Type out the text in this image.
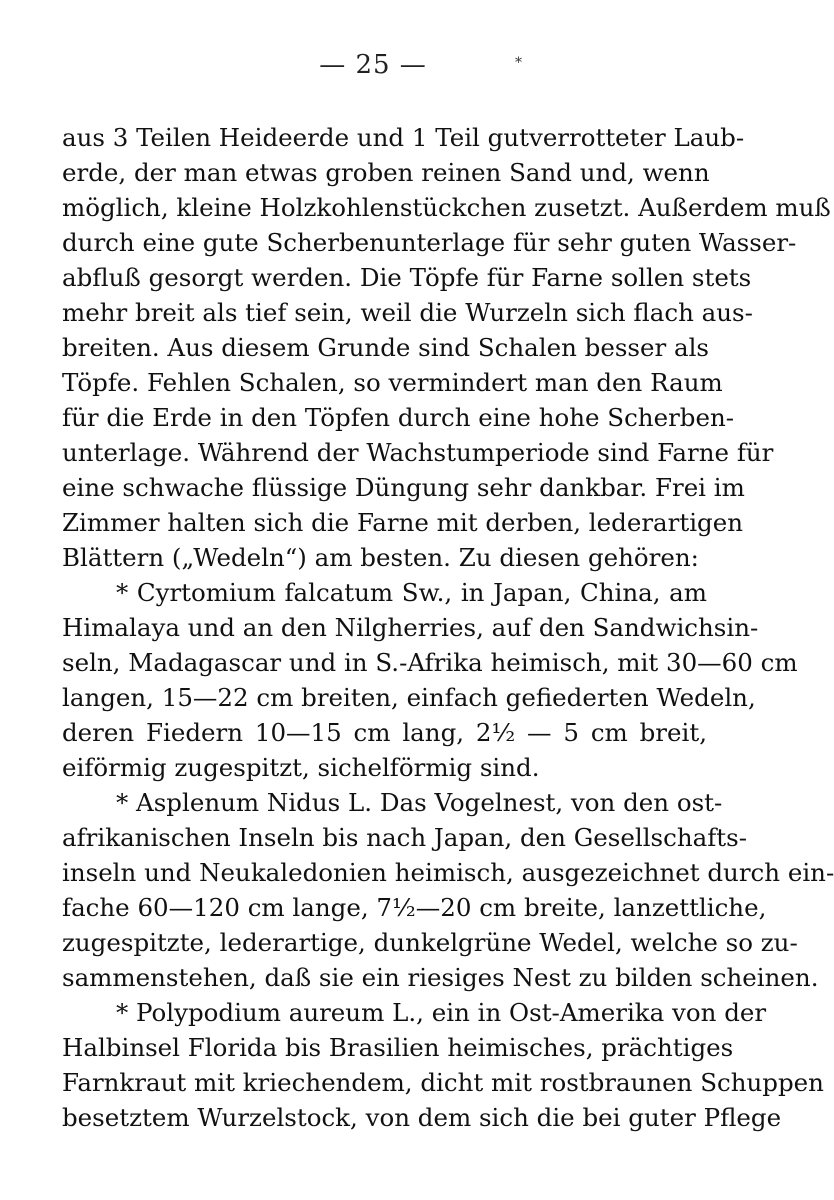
— 25 —	*
aus 3 Teilen Heideerde und 1 Teil gutverrotteter Laub-
erde, der man etwas groben reinen Sand und, wenn
möglich, kleine Holzkohlenstückchen zusetzt. Außerdem muß
durch eine gute Scherbenunterlage für sehr guten Wasser-
abfluß gesorgt werden. Die Töpfe für Farne sollen stets
mehr breit als tief sein, weil die Wurzeln sich flach aus-
breiten. Aus diesem Grunde sind Schalen besser als
Töpfe. Fehlen Schalen, so vermindert man den Raum
für die Erde in den Töpfen durch eine hohe Scherben-
unterlage. Während der Wachstumperiode sind Farne für
eine schwache flüssige Düngung sehr dankbar. Frei im
Zimmer halten sich die Farne mit derben, lederartigen
Blättern („Wedeln“) am besten. Zu diesen gehören:
* Cyrtomium falcatum Sw., in Japan, China, am
Himalaya und an den Nilgherries, auf den Sandwichsin-
seln, Madagascar und in S.-Afrika heimisch, mit 30—60 cm
langen, 15—22 cm breiten, einfach gefiederten Wedeln,
deren Fiedern 10—15 cm lang, 2½ — 5 cm breit,
eiförmig zugespitzt, sichelförmig sind.
* Asplenum Nidus L. Das Vogelnest, von den ost-
afrikanischen Inseln bis nach Japan, den Gesellschafts-
inseln und Neukaledonien heimisch, ausgezeichnet durch ein-
fache 60—120 cm lange, 7½—20 cm breite, lanzettliche,
zugespitzte, lederartige, dunkelgrüne Wedel, welche so zu-
sammenstehen, daß sie ein riesiges Nest zu bilden scheinen.
* Polypodium aureum L., ein in Ost-Amerika von der
Halbinsel Florida bis Brasilien heimisches, prächtiges
Farnkraut mit kriechendem, dicht mit rostbraunen Schuppen
besetztem Wurzelstock, von dem sich die bei guter Pflege
